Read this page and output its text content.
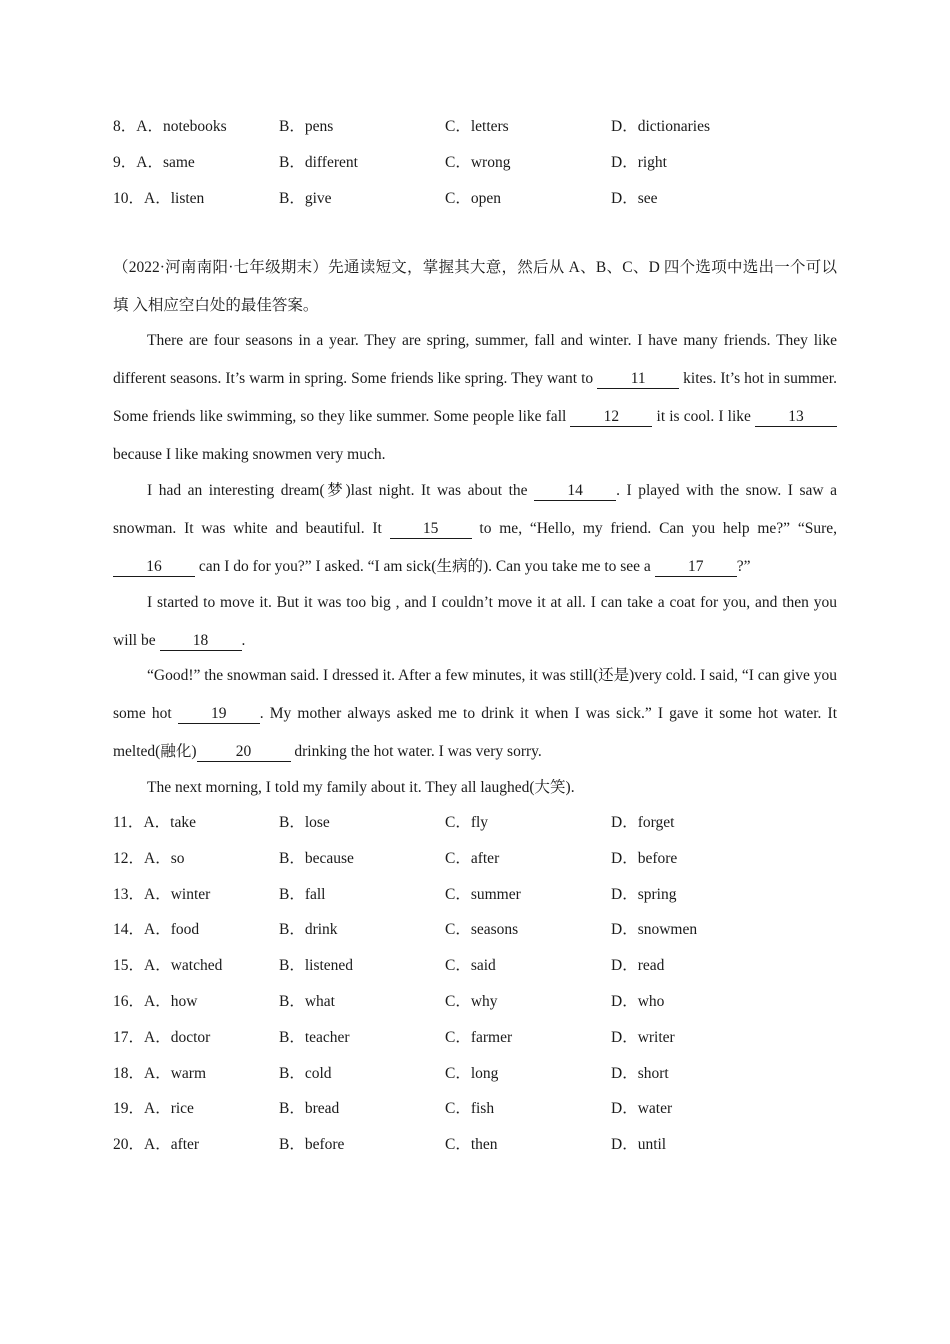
8．A．notebooks	B．pens	C．letters	D．dictionaries
9．A．same	B．different	C．wrong	D．right
10．A．listen	B．give	C．open	D．see
（2022·河南南阳·七年级期末）先通读短文，掌握其大意，然后从 A、B、C、D 四个选项中选出一个可以填 入相应空白处的最佳答案。
There are four seasons in a year. They are spring, summer, fall and winter. I have many friends. They like different seasons. It’s warm in spring. Some friends like spring. They want to 11 kites. It’s hot in summer. Some friends like swimming, so they like summer. Some people like fall 12 it is cool. I like 13 because I like making snowmen very much.
I had an interesting dream(梦)last night. It was about the 14 . I played with the snow. I saw a snowman. It was white and beautiful. It 15 to me, “Hello, my friend. Can you help me?” “Sure, 16 can I do for you?” I asked. “I am sick(生病的). Can you take me to see a 17 ?”
I started to move it. But it was too big , and I couldn’t move it at all. I can take a coat for you, and then you will be 18 .
“Good!” the snowman said. I dressed it. After a few minutes, it was still(还是)very cold. I said, “I can give you some hot 19 . My mother always asked me to drink it when I was sick.” I gave it some hot water. It melted(融化)	20	drinking the hot water. I was very sorry.
The next morning, I told my family about it. They all laughed(大笑).
11．A．take	B．lose	C．fly	D．forget
12．A．so	B．because	C．after	D．before
13．A．winter	B．fall	C．summer	D．spring
14．A．food	B．drink	C．seasons	D．snowmen
15．A．watched	B．listened	C．said	D．read
16．A．how	B．what	C．why	D．who
17．A．doctor	B．teacher	C．farmer	D．writer
18．A．warm	B．cold	C．long	D．short
19．A．rice	B．bread	C．fish	D．water
20．A．after	B．before	C．then	D．until
